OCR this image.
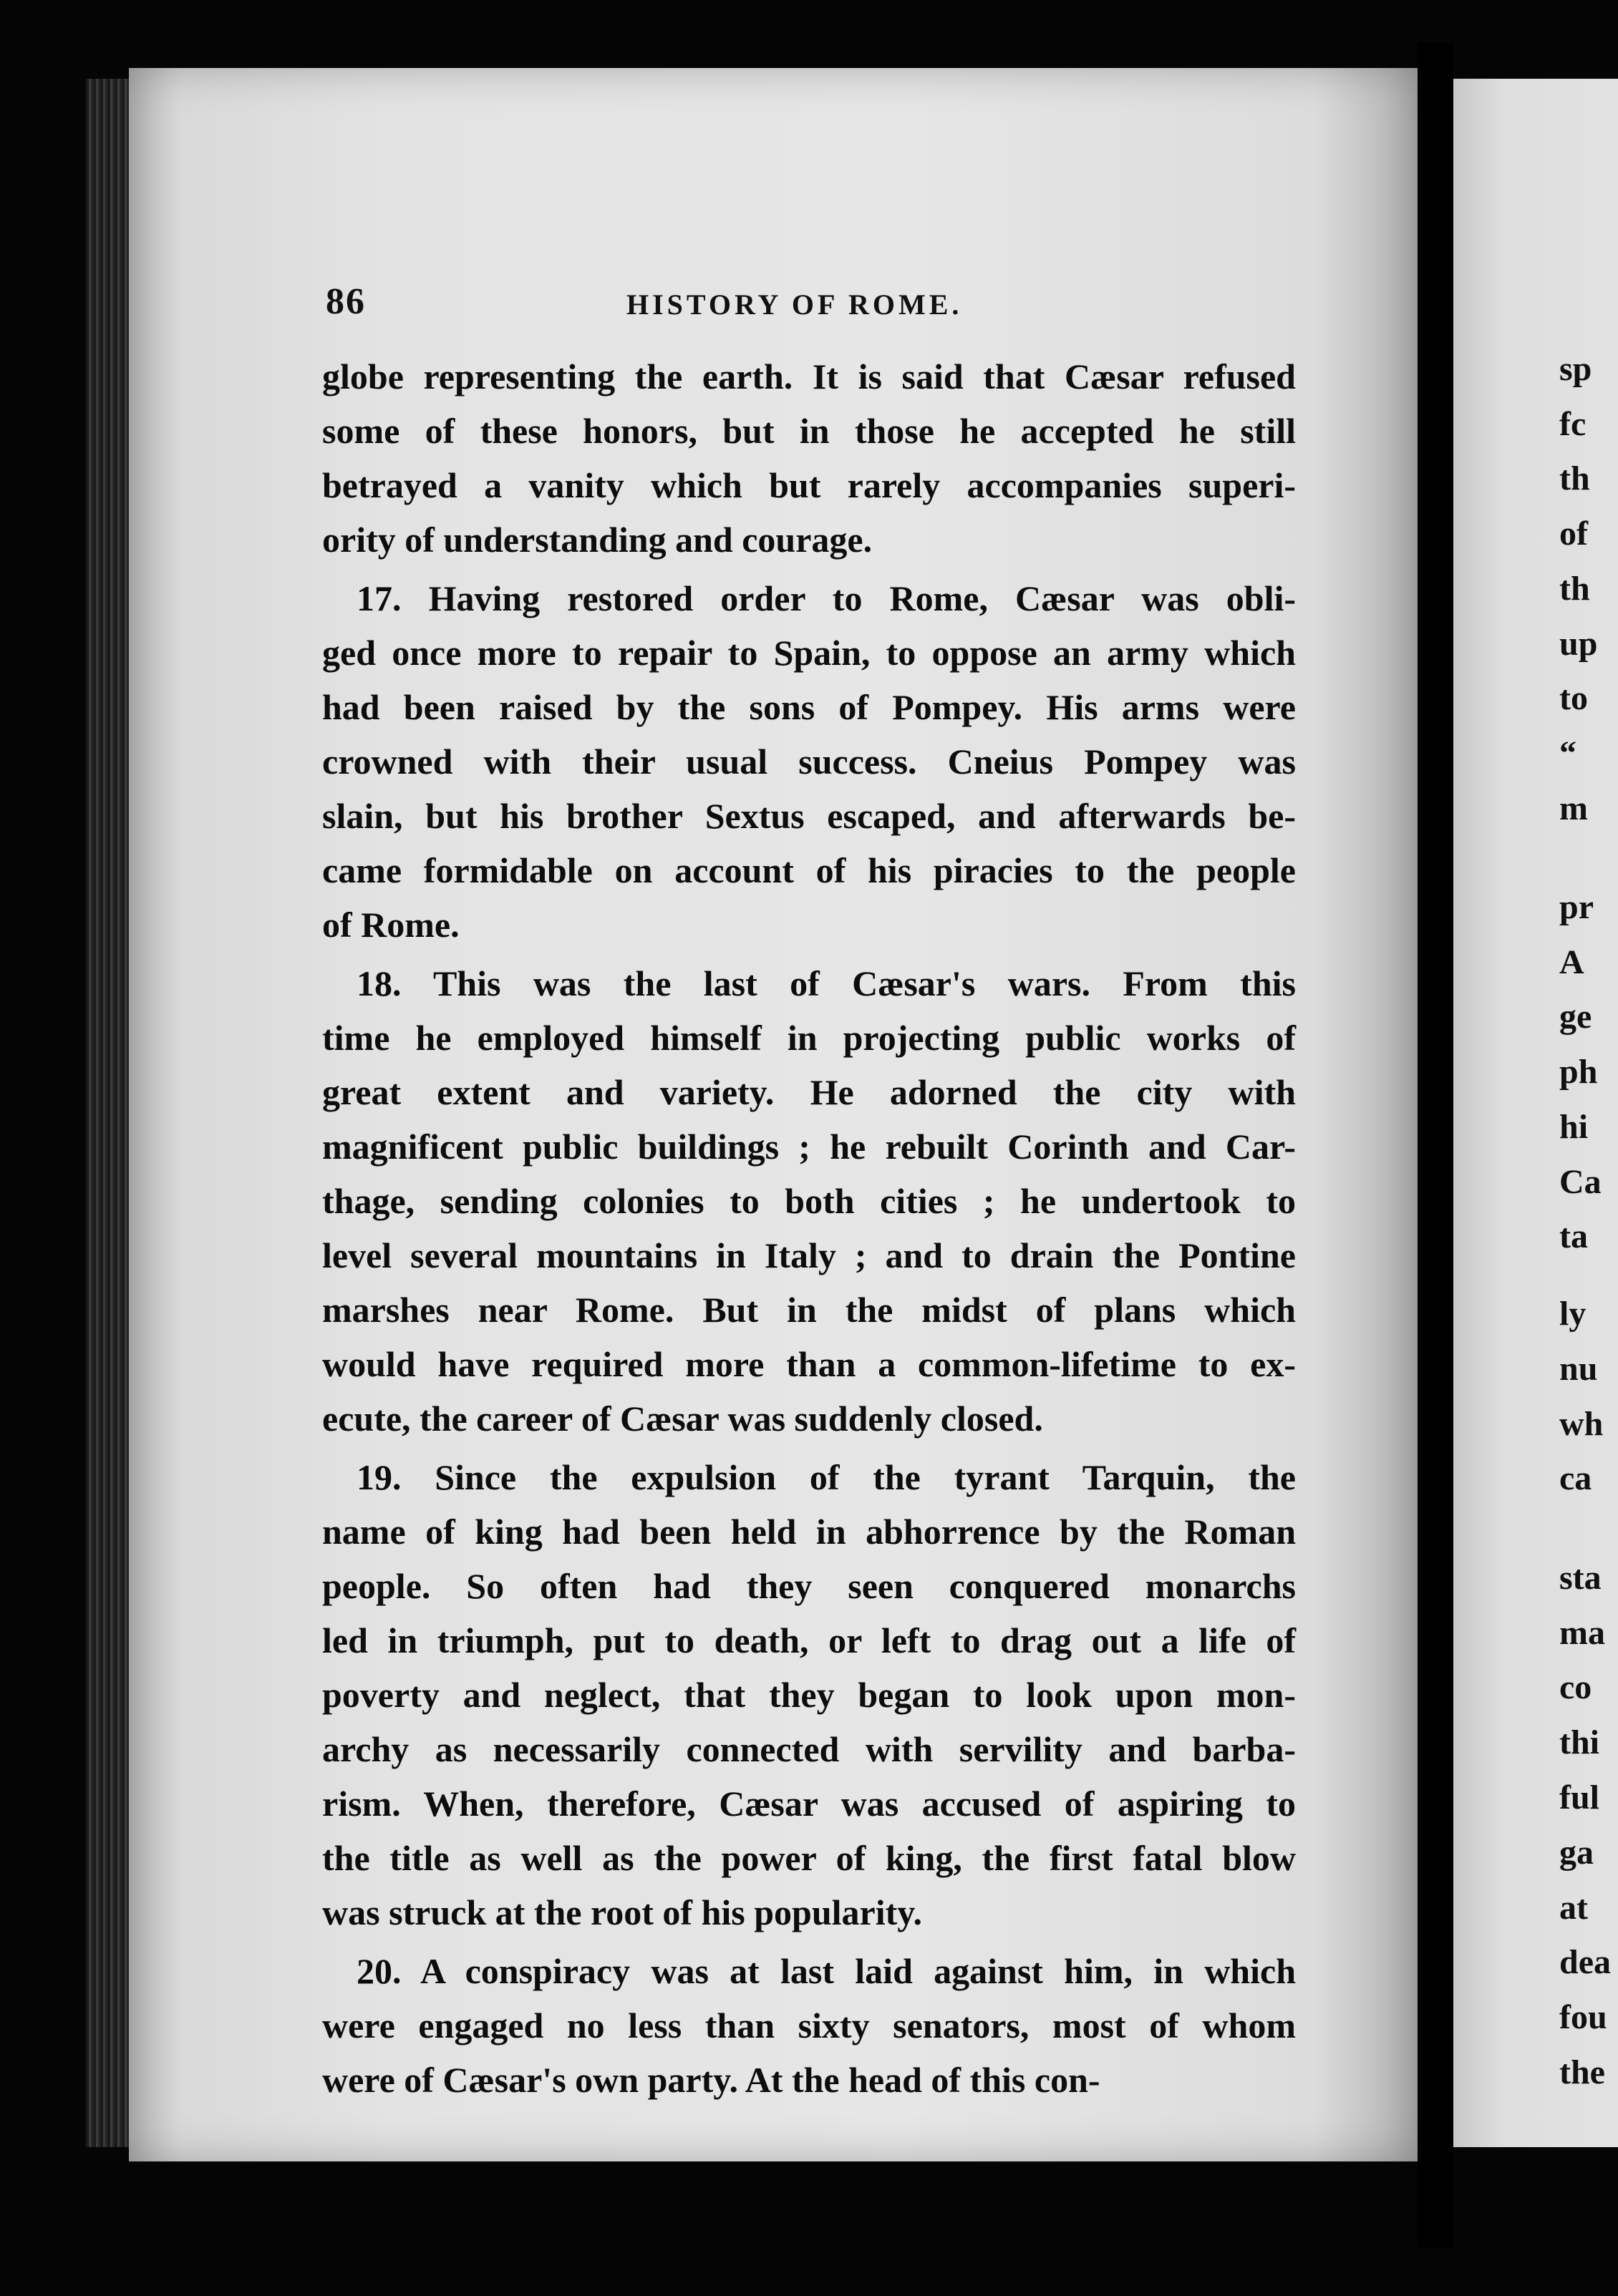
86	HISTORY OF ROME.
globe representing the earth. It is said that Cæsar refused
some of these honors, but in those he accepted he still
betrayed a vanity which but rarely accompanies superi-
ority of understanding and courage.
17. Having restored order to Rome, Cæsar was obli-
ged once more to repair to Spain, to oppose an army which
had been raised by the sons of Pompey. His arms were
crowned with their usual success. Cneius Pompey was
slain, but his brother Sextus escaped, and afterwards be-
came formidable on account of his piracies to the people
of Rome.
18. This was the last of Cæsar's wars. From this
time he employed himself in projecting public works of
great extent and variety. He adorned the city with
magnificent public buildings ; he rebuilt Corinth and Car-
thage, sending colonies to both cities ; he undertook to
level several mountains in Italy ; and to drain the Pontine
marshes near Rome. But in the midst of plans which
would have required more than a common-lifetime to ex-
ecute, the career of Cæsar was suddenly closed.
19. Since the expulsion of the tyrant Tarquin, the
name of king had been held in abhorrence by the Roman
people. So often had they seen conquered monarchs
led in triumph, put to death, or left to drag out a life of
poverty and neglect, that they began to look upon mon-
archy as necessarily connected with servility and barba-
rism. When, therefore, Cæsar was accused of aspiring to
the title as well as the power of king, the first fatal blow
was struck at the root of his popularity.
20. A conspiracy was at last laid against him, in which
were engaged no less than sixty senators, most of whom
were of Cæsar's own party. At the head of this con-
sp
fc
th
of
th
up
to
“
m
pr
A
ge
ph
hi
Ca
ta
ly
nu
wh
ca
sta
ma
co
thi
ful
ga
at
dea
fou
the
